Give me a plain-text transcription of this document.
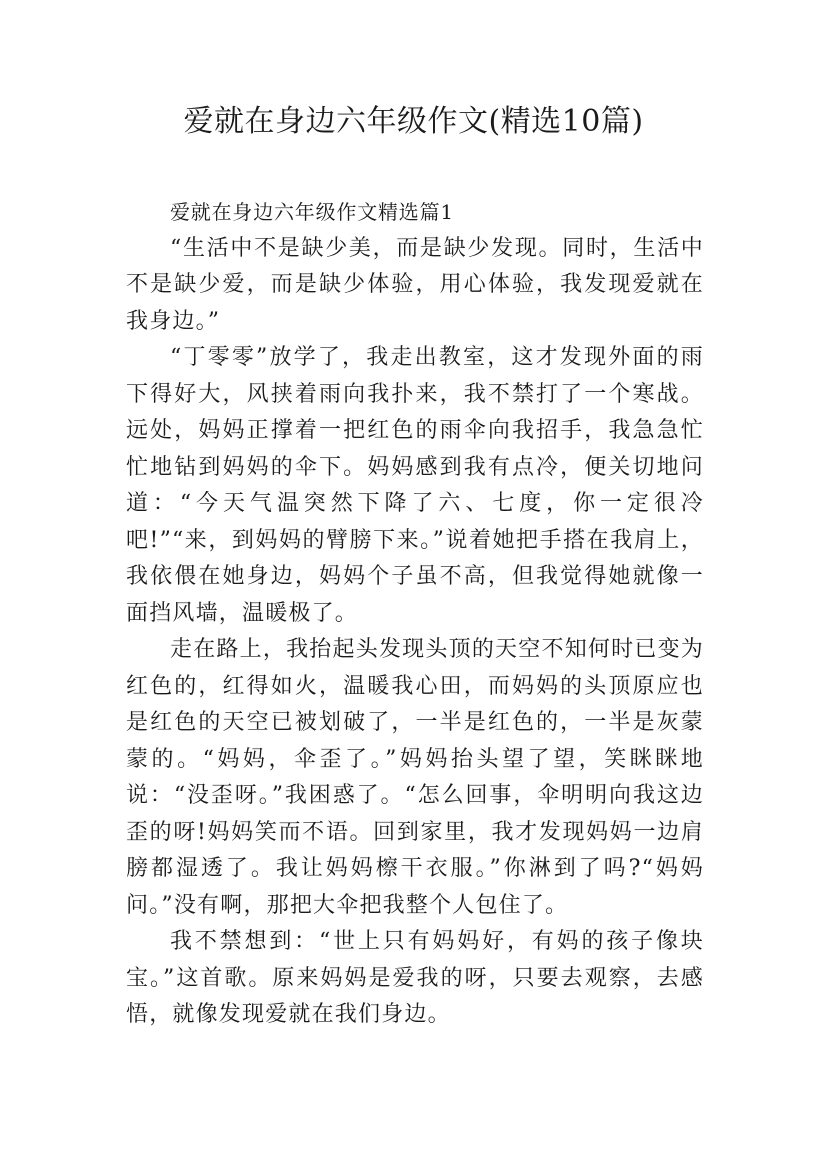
爱就在身边六年级作文(精选10篇)

爱就在身边六年级作文精选篇1

“生活中不是缺少美，而是缺少发现。同时，生活中不是缺少爱，而是缺少体验，用心体验，我发现爱就在我身边。”

“丁零零”放学了，我走出教室，这才发现外面的雨下得好大，风挟着雨向我扑来，我不禁打了一个寒战。远处，妈妈正撑着一把红色的雨伞向我招手，我急急忙忙地钻到妈妈的伞下。妈妈感到我有点冷，便关切地问道：“今天气温突然下降了六、七度，你一定很冷吧!”“来，到妈妈的臂膀下来。”说着她把手搭在我肩上，我依偎在她身边，妈妈个子虽不高，但我觉得她就像一面挡风墙，温暖极了。

走在路上，我抬起头发现头顶的天空不知何时已变为红色的，红得如火，温暖我心田，而妈妈的头顶原应也是红色的天空已被划破了，一半是红色的，一半是灰蒙蒙的。“妈妈，伞歪了。”妈妈抬头望了望，笑眯眯地说：“没歪呀。”我困惑了。“怎么回事，伞明明向我这边歪的呀!妈妈笑而不语。回到家里，我才发现妈妈一边肩膀都湿透了。我让妈妈檫干衣服。”你淋到了吗?“妈妈问。”没有啊，那把大伞把我整个人包住了。

我不禁想到：“世上只有妈妈好，有妈的孩子像块宝。”这首歌。原来妈妈是爱我的呀，只要去观察，去感悟，就像发现爱就在我们身边。
